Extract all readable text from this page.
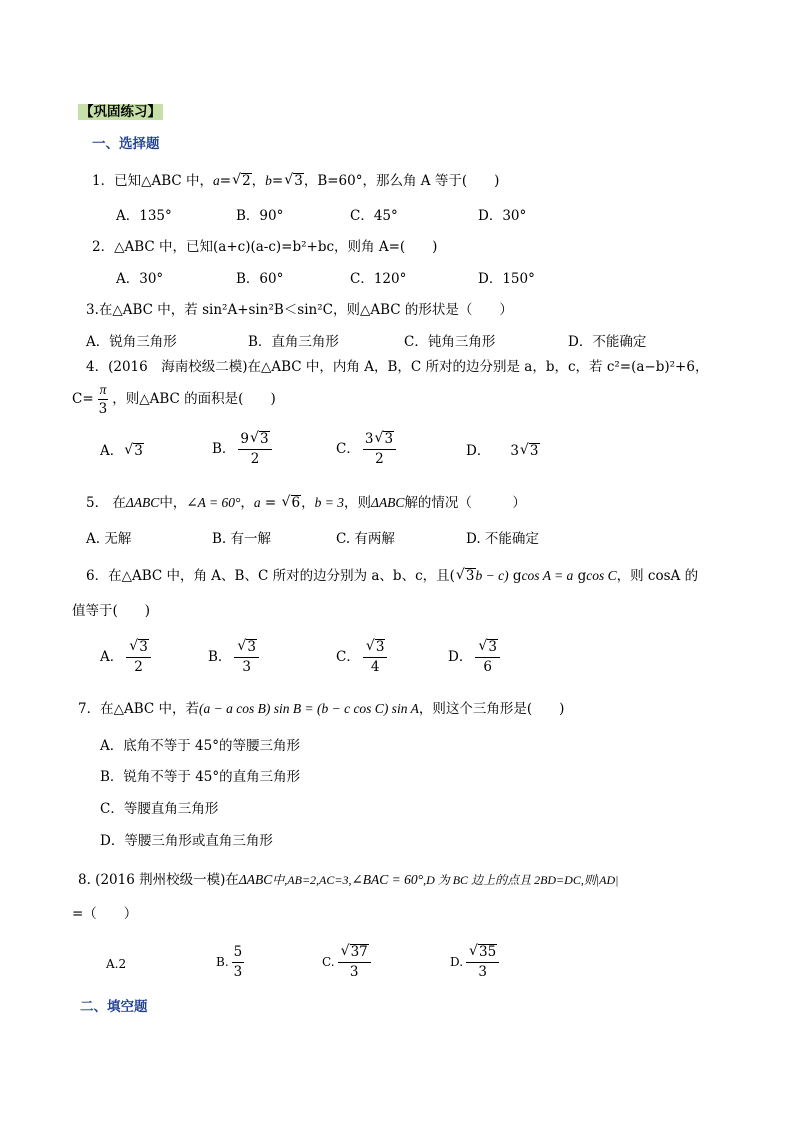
【巩固练习】
一、选择题
1．已知△ABC 中，a= √ 2，b= √ 3，B=60°，那么角 A 等于(　　)
A．135°	B．90°	C．45°	D．30°
2．△ABC 中，已知(a+c)(a-c)=b²+bc，则角 A=(　　)
A．30°	B．60°	C．120°	D．150°
3.在△ABC 中，若 sin²A+sin²B＜sin²C，则△ABC 的形状是（　　）
A．锐角三角形	B．直角三角形	C．钝角三角形	D．不能确定
4．(2016　海南校级二模)在△ABC 中，内角 A，B，C 所对的边分别是 a，b，c，若 c²=(a−b)²+6，
$C= \frac{\pi}{3}$ ，则△ABC 的面积是(　　)
A． √ 3	B． $\frac{9 √ 3}{2}$	C． $\frac{3 √ 3}{2}$	D． 3 √ 3
5． 在ΔABC中，∠A = 60°，a = √ 6，b = 3，则ΔABC解的情况（　　　）
A. 无解	B. 有一解	C. 有两解	D. 不能确定
6．在△ABC 中，角 A、B、C 所对的边分别为 a、b、c，且( √ 3b − c) gcos A = a gcos C，则 cosA 的
值等于(　　)
A． √ $\frac{3}{2}$	B． √ $\frac{3}{3}$	C． √ $\frac{3}{4}$	D． √ $\frac{3}{6}$
7．在△ABC 中，若(a − a cos B) sin B = (b − c cos C) sin A，则这个三角形是(　　)
A．底角不等于 45°的等腰三角形
B．锐角不等于 45°的直角三角形
C．等腰直角三角形
D．等腰三角形或直角三角形
8. (2016 荆州校级一模)在ΔABC中,AB=2,AC=3,∠BAC = 60°,D 为 BC 边上的点且 2BD=DC,则|AD|
=（　　）
A.2	B. $\frac{5}{3}$	C. √ $\frac{37}{3}$	D. √ $\frac{35}{3}$
二、填空题
